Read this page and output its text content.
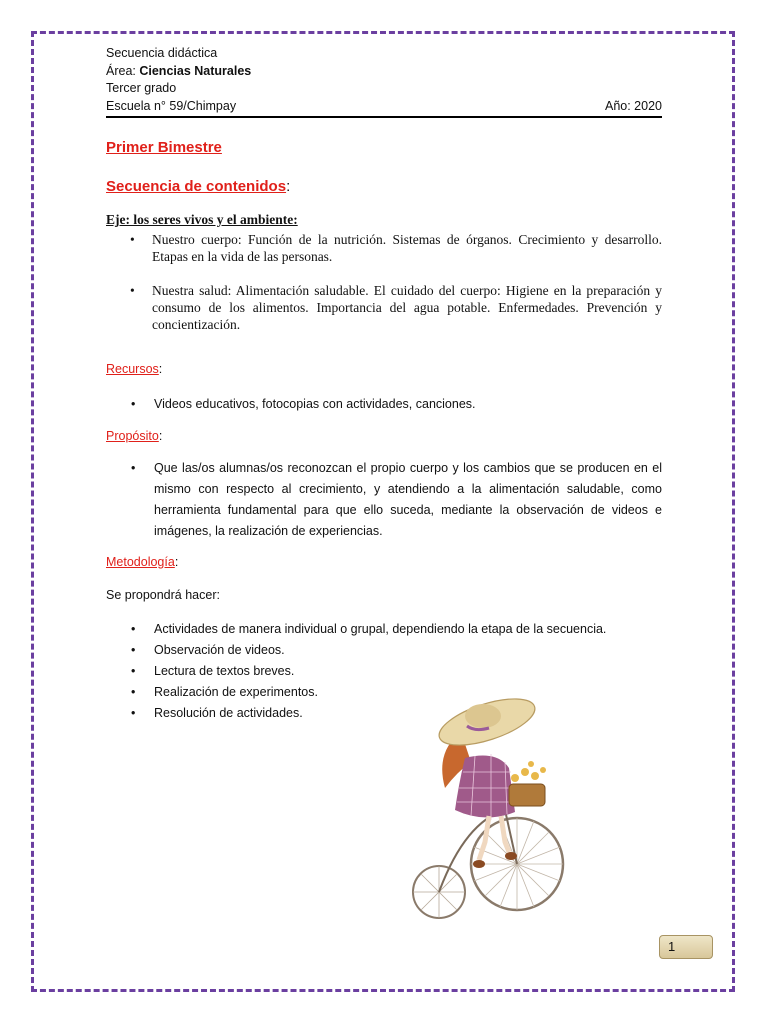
Secuencia didáctica
Área: Ciencias Naturales
Tercer grado
Escuela n° 59/Chimpay	Año: 2020
Primer Bimestre
Secuencia de contenidos:
Eje: los seres vivos y el ambiente:
• Nuestro cuerpo: Función de la nutrición. Sistemas de órganos. Crecimiento y desarrollo. Etapas en la vida de las personas.
• Nuestra salud: Alimentación saludable. El cuidado del cuerpo: Higiene en la preparación y consumo de los alimentos. Importancia del agua potable. Enfermedades. Prevención y concientización.
Recursos:
• Videos educativos, fotocopias con actividades, canciones.
Propósito:
• Que las/os alumnas/os reconozcan el propio cuerpo y los cambios que se producen en el mismo con respecto al crecimiento, y atendiendo a la alimentación saludable, como herramienta fundamental para que ello suceda, mediante la observación de videos e imágenes, la realización de experiencias.
Metodología:
Se propondrá hacer:
• Actividades de manera individual o grupal, dependiendo la etapa de la secuencia.
• Observación de videos.
• Lectura de textos breves.
• Realización de experimentos.
• Resolución de actividades.
1
